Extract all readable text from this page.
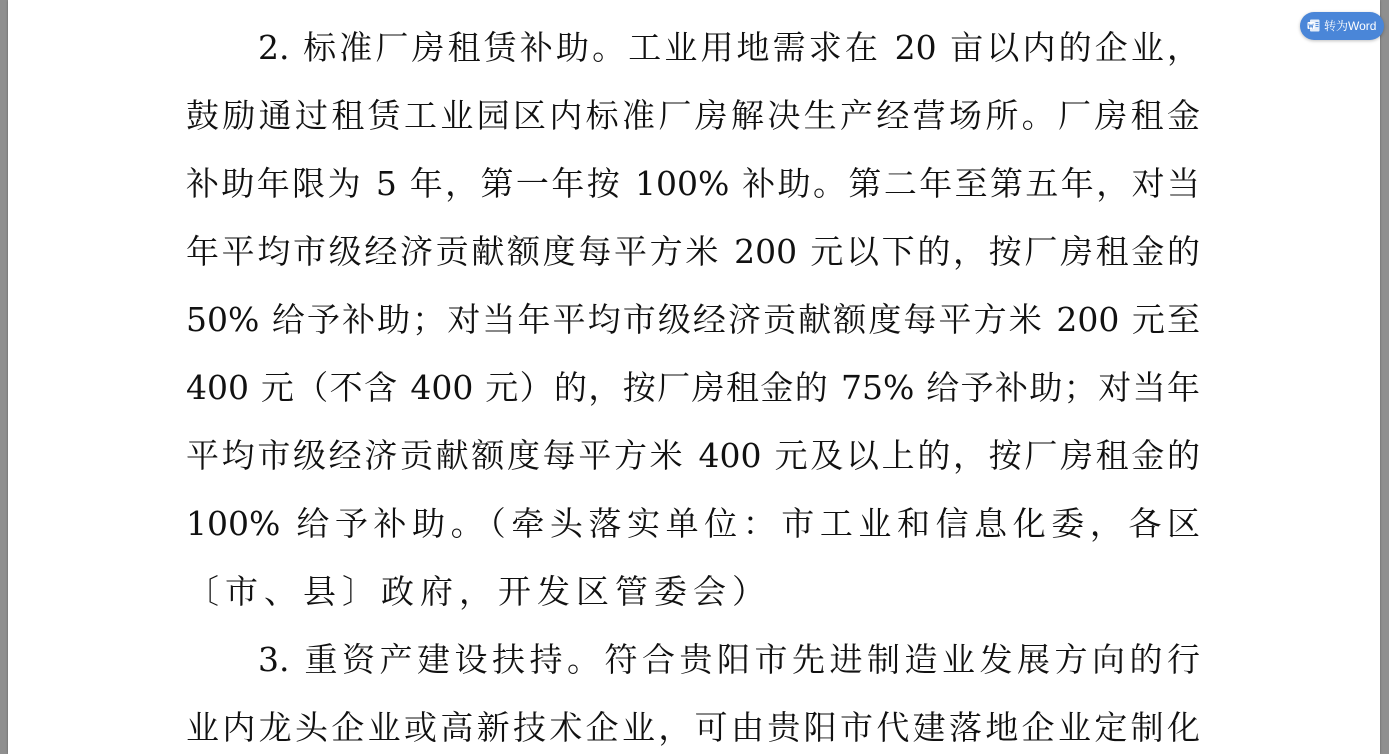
2. 标准厂房租赁补助。工业用地需求在 20 亩以内的企业，
鼓励通过租赁工业园区内标准厂房解决生产经营场所。厂房租金
补助年限为 5 年，第一年按 100% 补助。第二年至第五年，对当
年平均市级经济贡献额度每平方米 200 元以下的，按厂房租金的
50% 给予补助；对当年平均市级经济贡献额度每平方米 200 元至
400 元（不含 400 元）的，按厂房租金的 75% 给予补助；对当年
平均市级经济贡献额度每平方米 400 元及以上的，按厂房租金的
100% 给予补助。（牵头落实单位：市工业和信息化委，各区
〔市、县〕政府，开发区管委会）
3. 重资产建设扶持。符合贵阳市先进制造业发展方向的行
业内龙头企业或高新技术企业，可由贵阳市代建落地企业定制化
转为Word
